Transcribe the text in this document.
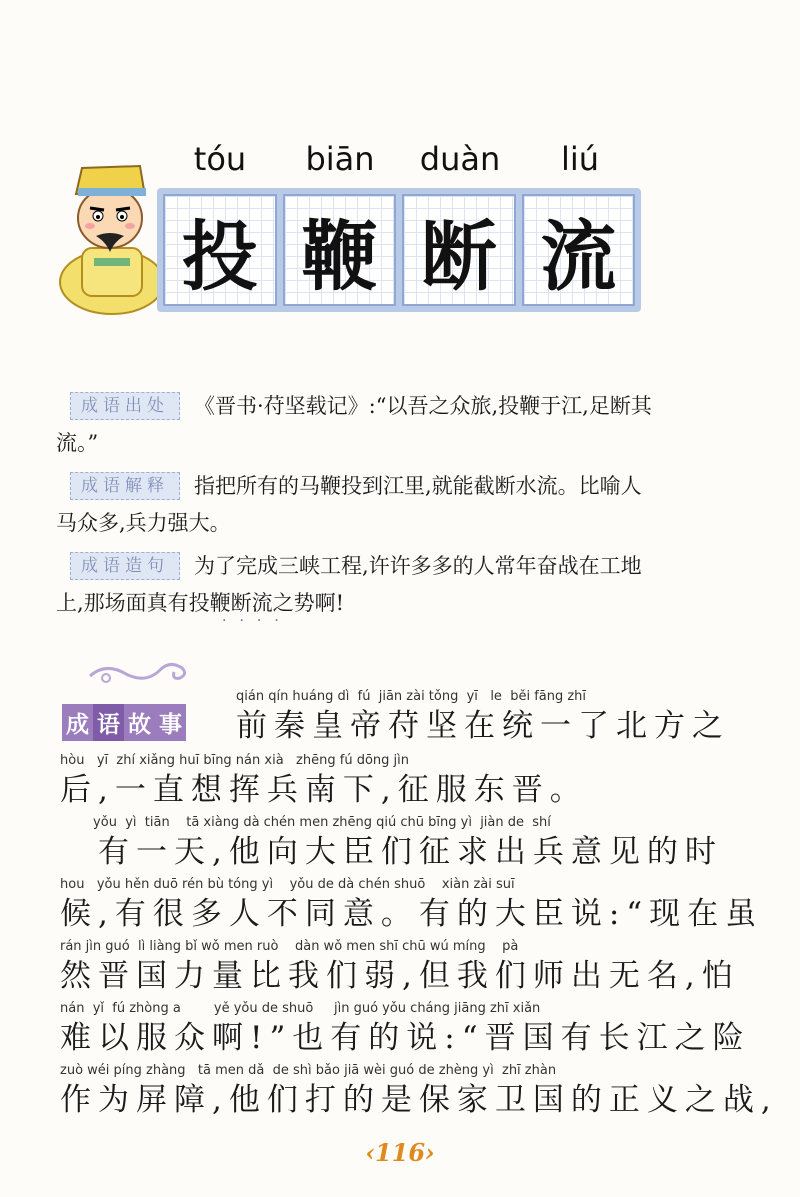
tóu	biān	duàn	liú
投 鞭 断 流
成语出处 《晋书·苻坚载记》:“以吾之众旅,投鞭于江,足断其
流。”
成语解释 指把所有的马鞭投到江里,就能截断水流。比喻人
马众多,兵力强大。
成语造句 为了完成三峡工程,许许多多的人常年奋战在工地
上,那场面真有投鞭断流之势啊!
····
成 语 故 事
qián qín huáng dì  fú  jiān zài tǒng  yī   le  běi fāng zhī
前秦皇帝苻坚在统一了北方之
hòu   yī  zhí xiǎng huī bīng nán xià   zhēng fú dōng jìn
后,一直想挥兵南下,征服东晋。
yǒu  yì  tiān    tā xiàng dà chén men zhēng qiú chū bīng yì  jiàn de  shí
　有一天,他向大臣们征求出兵意见的时
hou   yǒu hěn duō rén bù tóng yì    yǒu de dà chén shuō    xiàn zài suī
候,有很多人不同意。有的大臣说:“现在虽
rán jìn guó  lì liàng bǐ wǒ men ruò    dàn wǒ men shī chū wú míng    pà
然晋国力量比我们弱,但我们师出无名,怕
nán  yǐ  fú zhòng a        yě yǒu de shuō     jìn guó yǒu cháng jiāng zhī xiǎn
难以服众啊!”也有的说:“晋国有长江之险
zuò wéi píng zhàng   tā men dǎ  de shì bǎo jiā wèi guó de zhèng yì  zhī zhàn
作为屏障,他们打的是保家卫国的正义之战,
‹116›
